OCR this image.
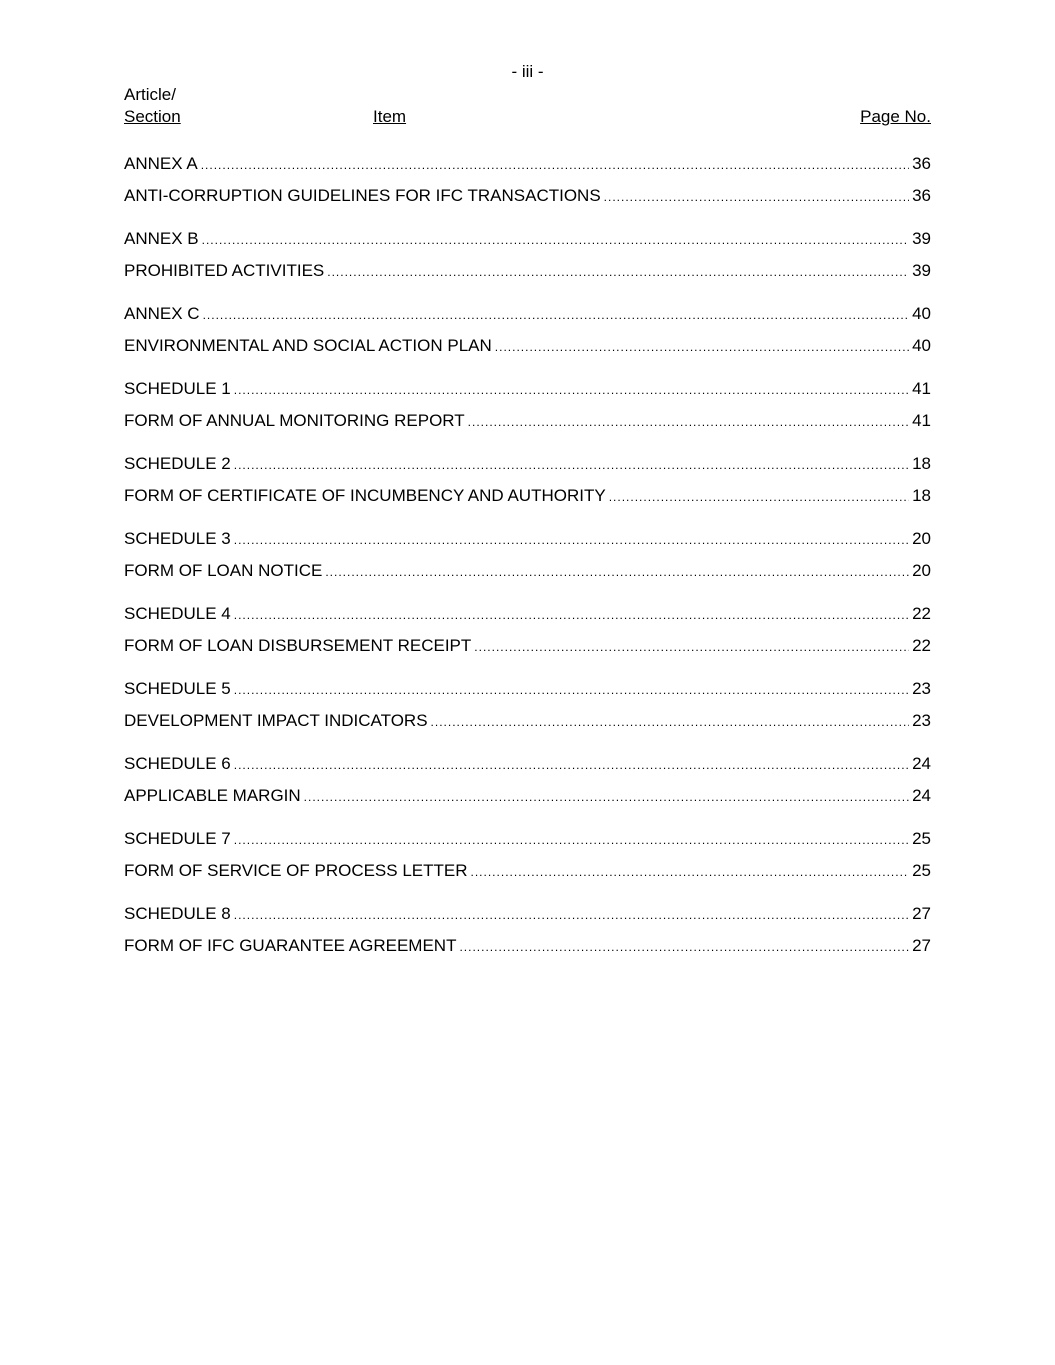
- iii -
Article/
Section	Item	Page No.
ANNEX A .....	36
ANTI-CORRUPTION GUIDELINES FOR IFC TRANSACTIONS .....	36
ANNEX B .....	39
PROHIBITED ACTIVITIES .....	39
ANNEX C .....	40
ENVIRONMENTAL AND SOCIAL ACTION PLAN .....	40
SCHEDULE 1 .....	41
FORM OF ANNUAL MONITORING REPORT .....	41
SCHEDULE 2 .....	18
FORM OF CERTIFICATE OF INCUMBENCY AND AUTHORITY .....	18
SCHEDULE 3 .....	20
FORM OF LOAN NOTICE .....	20
SCHEDULE 4 .....	22
FORM OF LOAN DISBURSEMENT RECEIPT .....	22
SCHEDULE 5 .....	23
DEVELOPMENT IMPACT INDICATORS .....	23
SCHEDULE 6 .....	24
APPLICABLE MARGIN .....	24
SCHEDULE 7 .....	25
FORM OF SERVICE OF PROCESS LETTER .....	25
SCHEDULE 8 .....	27
FORM OF IFC GUARANTEE AGREEMENT .....	27
